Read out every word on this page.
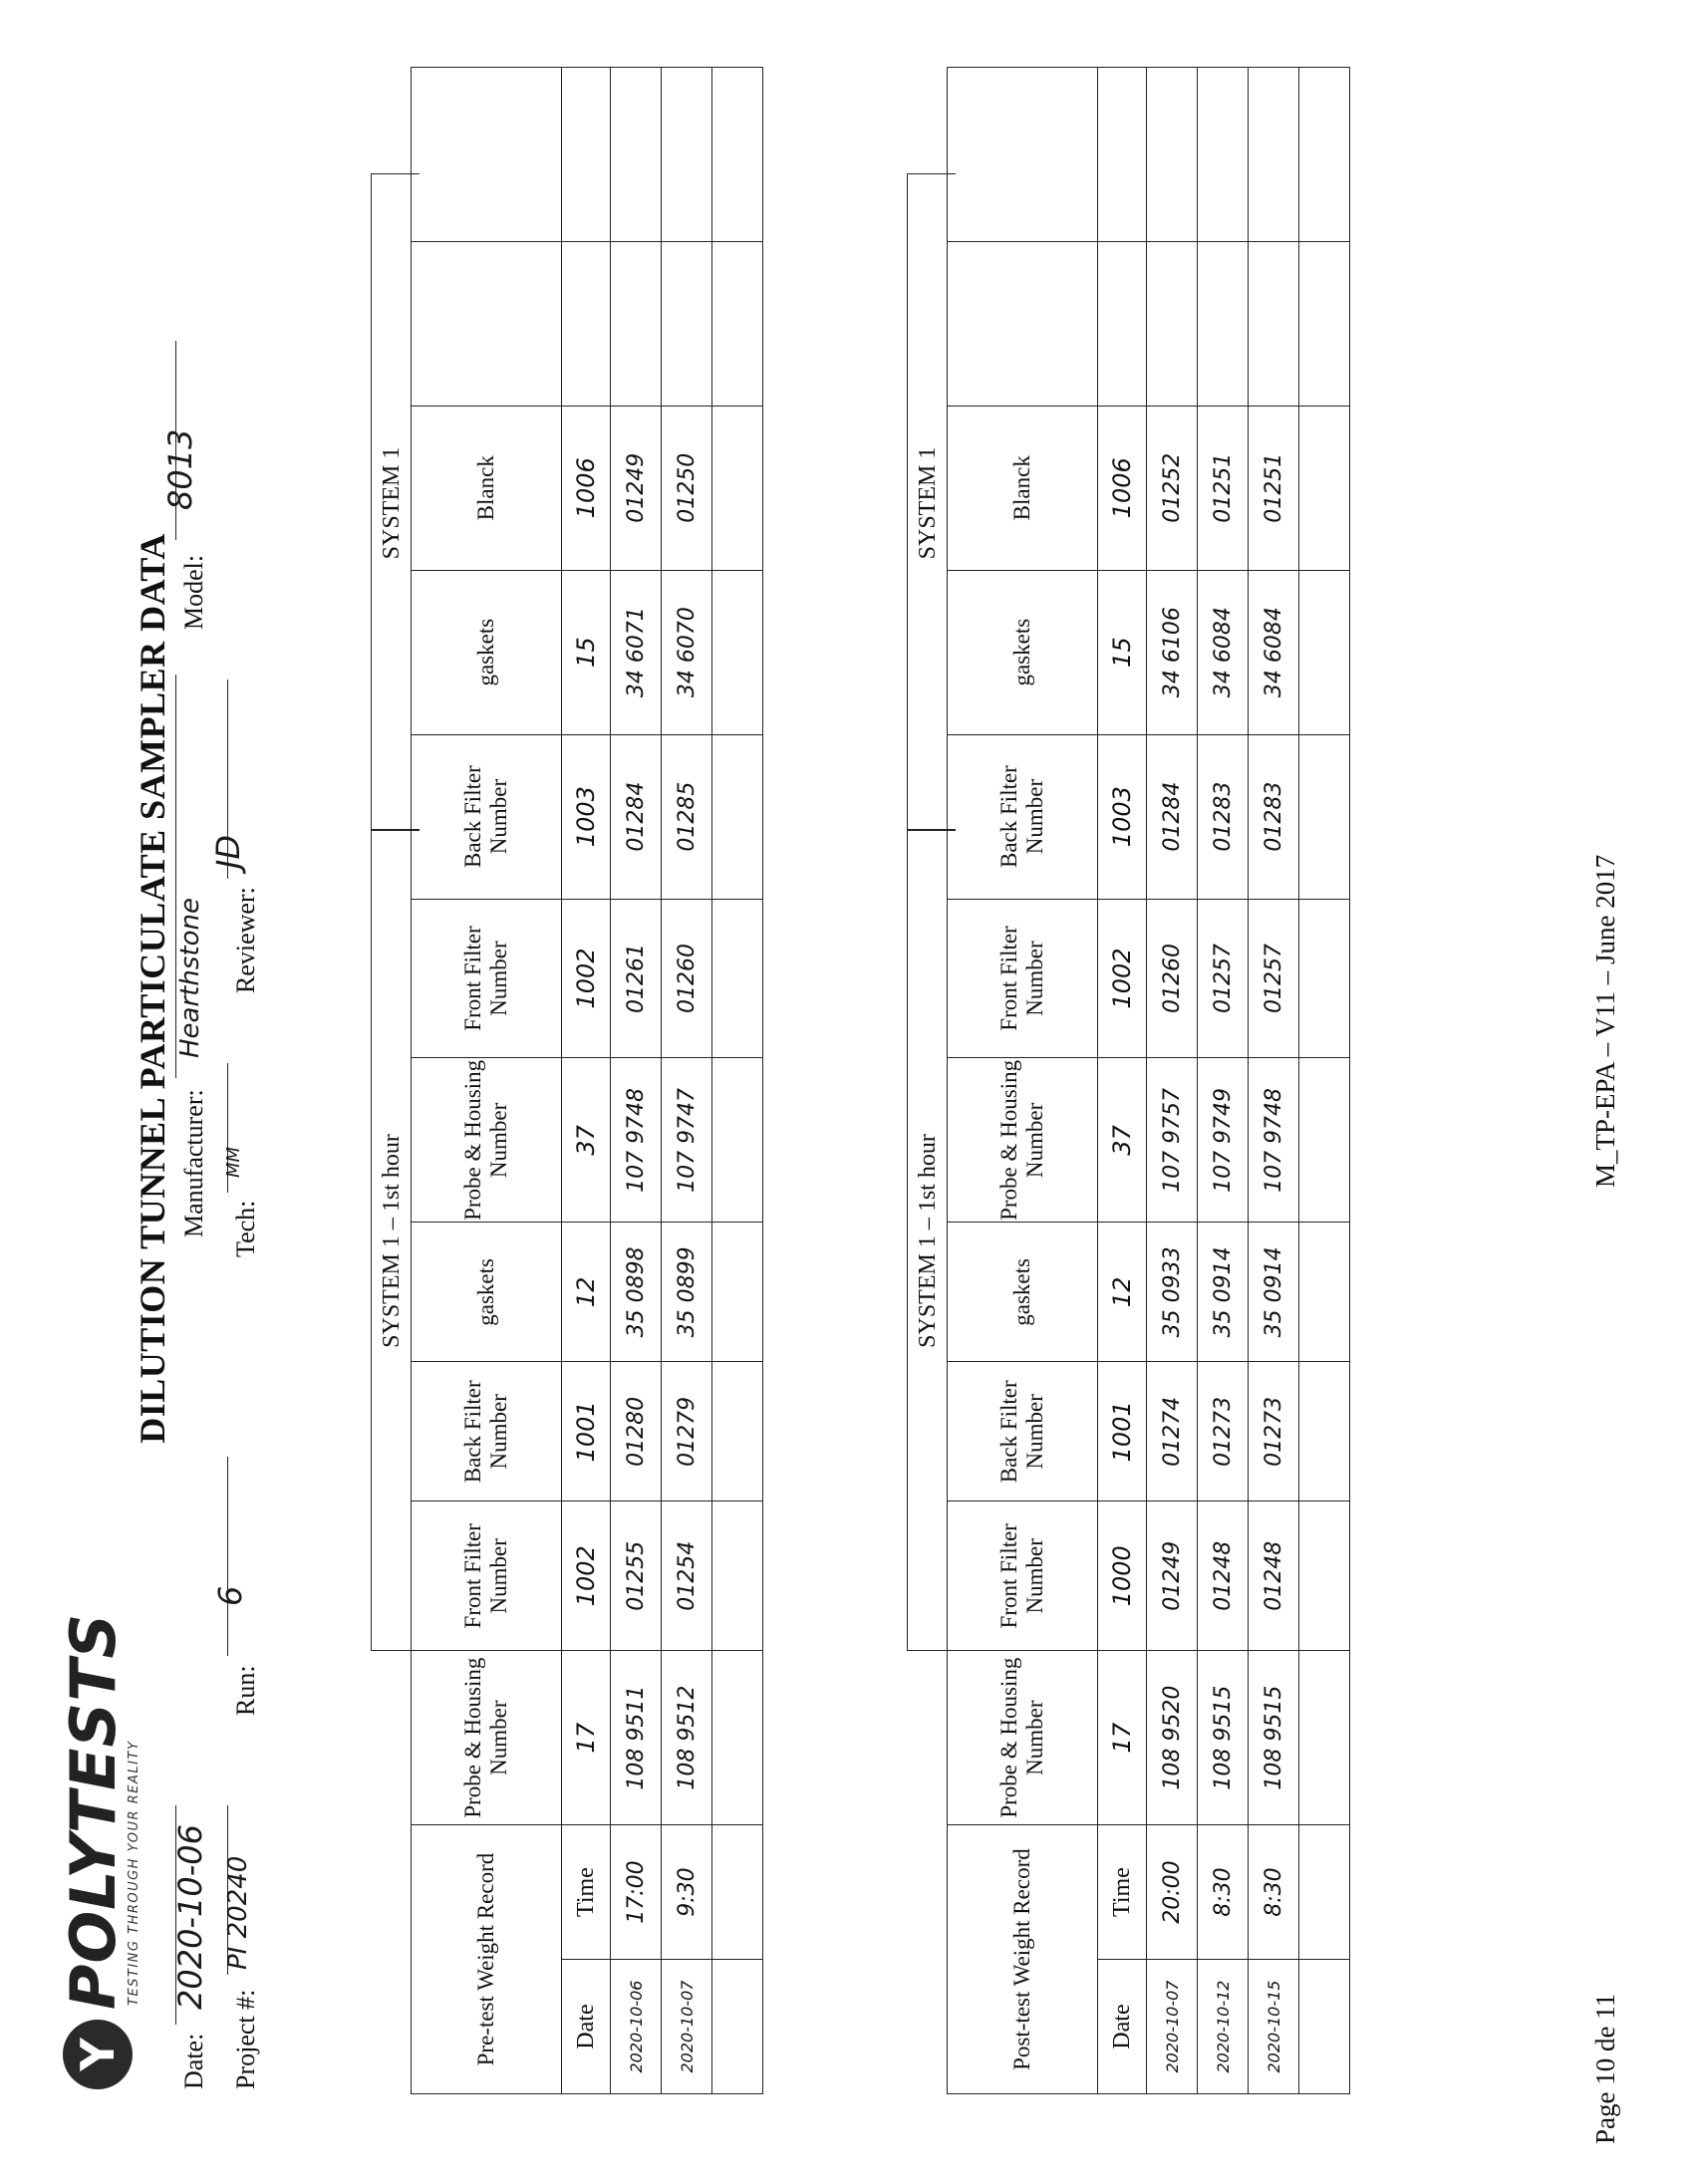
Y
POLYTESTS
TESTING THROUGH YOUR REALITY
DILUTION TUNNEL PARTICULATE SAMPLER DATA
Date:
2020-10-06
Manufacturer:
Hearthstone
Model:
8013
Project #:
PI 20240
Tech:
MM
Reviewer:
JD
Run:
6
SYSTEM 1 – 1st hour
SYSTEM 1
Pre-test Weight Record		Probe & Housing Number	Front Filter Number	Back Filter Number	gaskets	Probe & Housing Number	Front Filter Number	Back Filter Number	gaskets	Blanck		
Date	Time	17	1002	1001	12	37	1002	1003	15	1006		
2020-10-06	17:00	108 9511	01255	01280	35 0898	107 9748	01261	01284	34 6071	01249		
2020-10-07	9:30	108 9512	01254	01279	35 0899	107 9747	01260	01285	34 6070	01250		

SYSTEM 1 – 1st hour
SYSTEM 1
Post-test Weight Record		Probe & Housing Number	Front Filter Number	Back Filter Number	gaskets	Probe & Housing Number	Front Filter Number	Back Filter Number	gaskets	Blanck		
Date	Time	17	1000	1001	12	37	1002	1003	15	1006		
2020-10-07	20:00	108 9520	01249	01274	35 0933	107 9757	01260	01284	34 6106	01252		
2020-10-12	8:30	108 9515	01248	01273	35 0914	107 9749	01257	01283	34 6084	01251		
2020-10-15	8:30	108 9515	01248	01273	35 0914	107 9748	01257	01283	34 6084	01251		

Page 10 de 11
M_TP-EPA – V11 – June 2017
